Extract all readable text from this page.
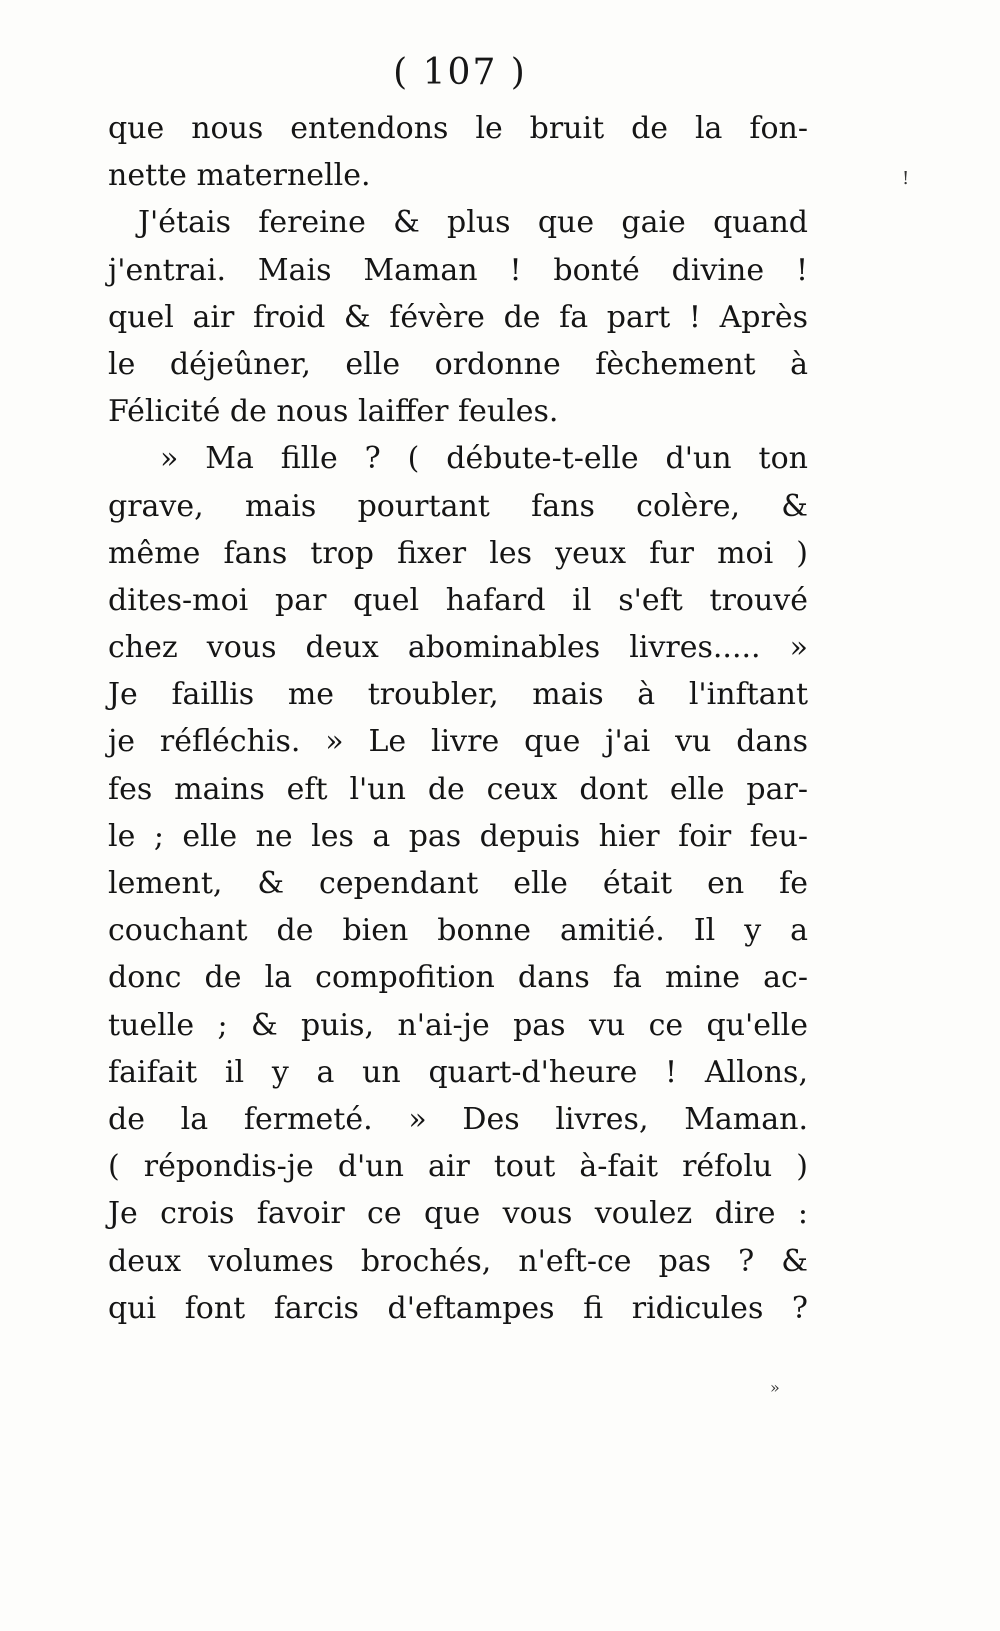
( 107 )
que nous entendons le bruit de la fon-
nette maternelle.
J'étais fereine & plus que gaie quand
j'entrai. Mais Maman ! bonté divine !
quel air froid & févère de fa part ! Après
le déjeûner, elle ordonne fèchement à
Félicité de nous laiffer feules.
» Ma fille ? ( débute-t-elle d'un ton
grave, mais pourtant fans colère, &
même fans trop fixer les yeux fur moi )
dites-moi par quel hafard il s'eft trouvé
chez vous deux abominables livres..... »
Je faillis me troubler, mais à l'inftant
je réfléchis. » Le livre que j'ai vu dans
fes mains eft l'un de ceux dont elle par-
le ; elle ne les a pas depuis hier foir feu-
lement, & cependant elle était en fe
couchant de bien bonne amitié. Il y a
donc de la compofition dans fa mine ac-
tuelle ; & puis, n'ai-je pas vu ce qu'elle
faifait il y a un quart-d'heure ! Allons,
de la fermeté. » Des livres, Maman.
( répondis-je d'un air tout à-fait réfolu )
Je crois favoir ce que vous voulez dire :
deux volumes brochés, n'eft-ce pas ? &
qui font farcis d'eftampes fi ridicules ?
!
»
